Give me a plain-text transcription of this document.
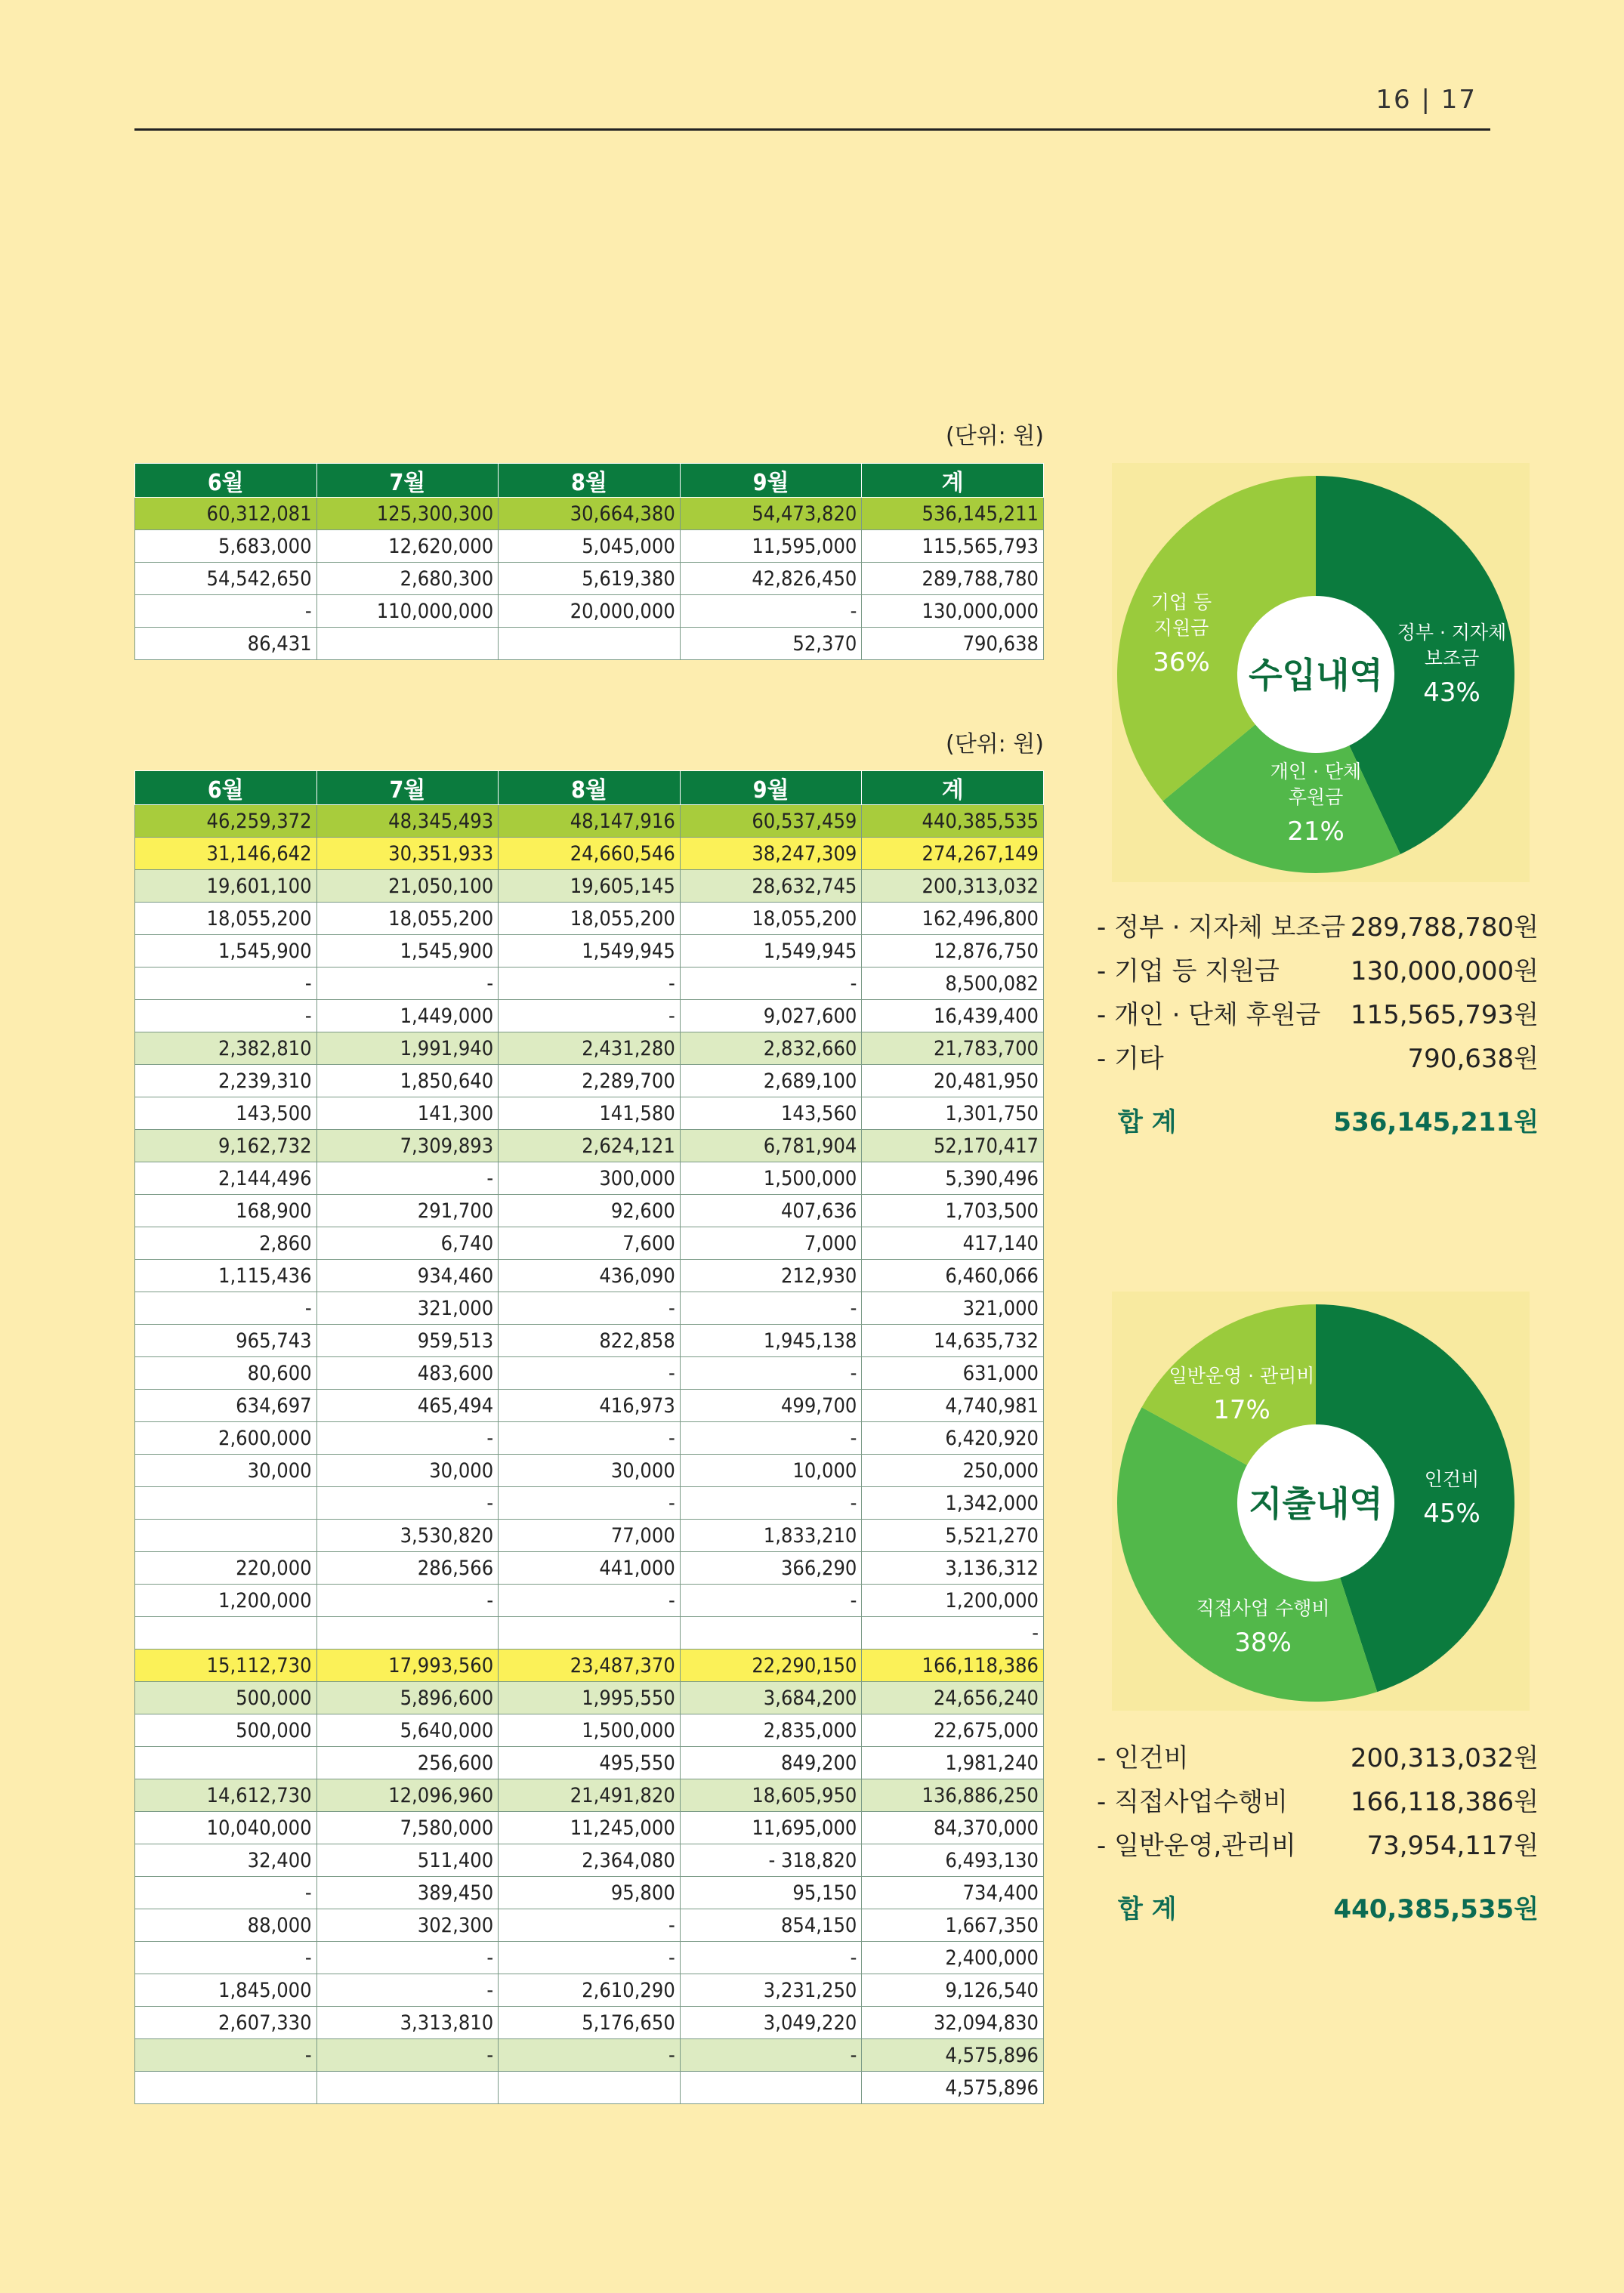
16 | 17
(단위: 원)
6월	7월	8월	9월	계
60,312,081	125,300,300	30,664,380	54,473,820	536,145,211
5,683,000	12,620,000	5,045,000	11,595,000	115,565,793
54,542,650	2,680,300	5,619,380	42,826,450	289,788,780
-	110,000,000	20,000,000	-	130,000,000
86,431			52,370	790,638
(단위: 원)
6월	7월	8월	9월	계
46,259,372	48,345,493	48,147,916	60,537,459	440,385,535
31,146,642	30,351,933	24,660,546	38,247,309	274,267,149
19,601,100	21,050,100	19,605,145	28,632,745	200,313,032
18,055,200	18,055,200	18,055,200	18,055,200	162,496,800
1,545,900	1,545,900	1,549,945	1,549,945	12,876,750
-	-	-	-	8,500,082
-	1,449,000	-	9,027,600	16,439,400
2,382,810	1,991,940	2,431,280	2,832,660	21,783,700
2,239,310	1,850,640	2,289,700	2,689,100	20,481,950
143,500	141,300	141,580	143,560	1,301,750
9,162,732	7,309,893	2,624,121	6,781,904	52,170,417
2,144,496	-	300,000	1,500,000	5,390,496
168,900	291,700	92,600	407,636	1,703,500
2,860	6,740	7,600	7,000	417,140
1,115,436	934,460	436,090	212,930	6,460,066
-	321,000	-	-	321,000
965,743	959,513	822,858	1,945,138	14,635,732
80,600	483,600	-	-	631,000
634,697	465,494	416,973	499,700	4,740,981
2,600,000	-	-	-	6,420,920
30,000	30,000	30,000	10,000	250,000
	-	-	-	1,342,000
	3,530,820	77,000	1,833,210	5,521,270
220,000	286,566	441,000	366,290	3,136,312
1,200,000	-	-	-	1,200,000
				-
15,112,730	17,993,560	23,487,370	22,290,150	166,118,386
500,000	5,896,600	1,995,550	3,684,200	24,656,240
500,000	5,640,000	1,500,000	2,835,000	22,675,000
	256,600	495,550	849,200	1,981,240
14,612,730	12,096,960	21,491,820	18,605,950	136,886,250
10,040,000	7,580,000	11,245,000	11,695,000	84,370,000
32,400	511,400	2,364,080	- 318,820	6,493,130
-	389,450	95,800	95,150	734,400
88,000	302,300	-	854,150	1,667,350
-	-	-	-	2,400,000
1,845,000	-	2,610,290	3,231,250	9,126,540
2,607,330	3,313,810	5,176,650	3,049,220	32,094,830
-	-	-	-	4,575,896
				4,575,896
수입내역
정부 · 지자체
보조금
43%
개인 · 단체
후원금
21%
기업 등
지원금
36%
- 정부 · 지자체 보조금 289,788,780원
- 기업 등 지원금	130,000,000원
- 개인 · 단체 후원금 115,565,793원
- 기타	790,638원
합 계	536,145,211원
지출내역
인건비
45%
직접사업 수행비
38%
일반운영 · 관리비
17%
- 인건비	200,313,032원
- 직접사업수행비 166,118,386원
- 일반운영,관리비	73,954,117원
합 계	440,385,535원
